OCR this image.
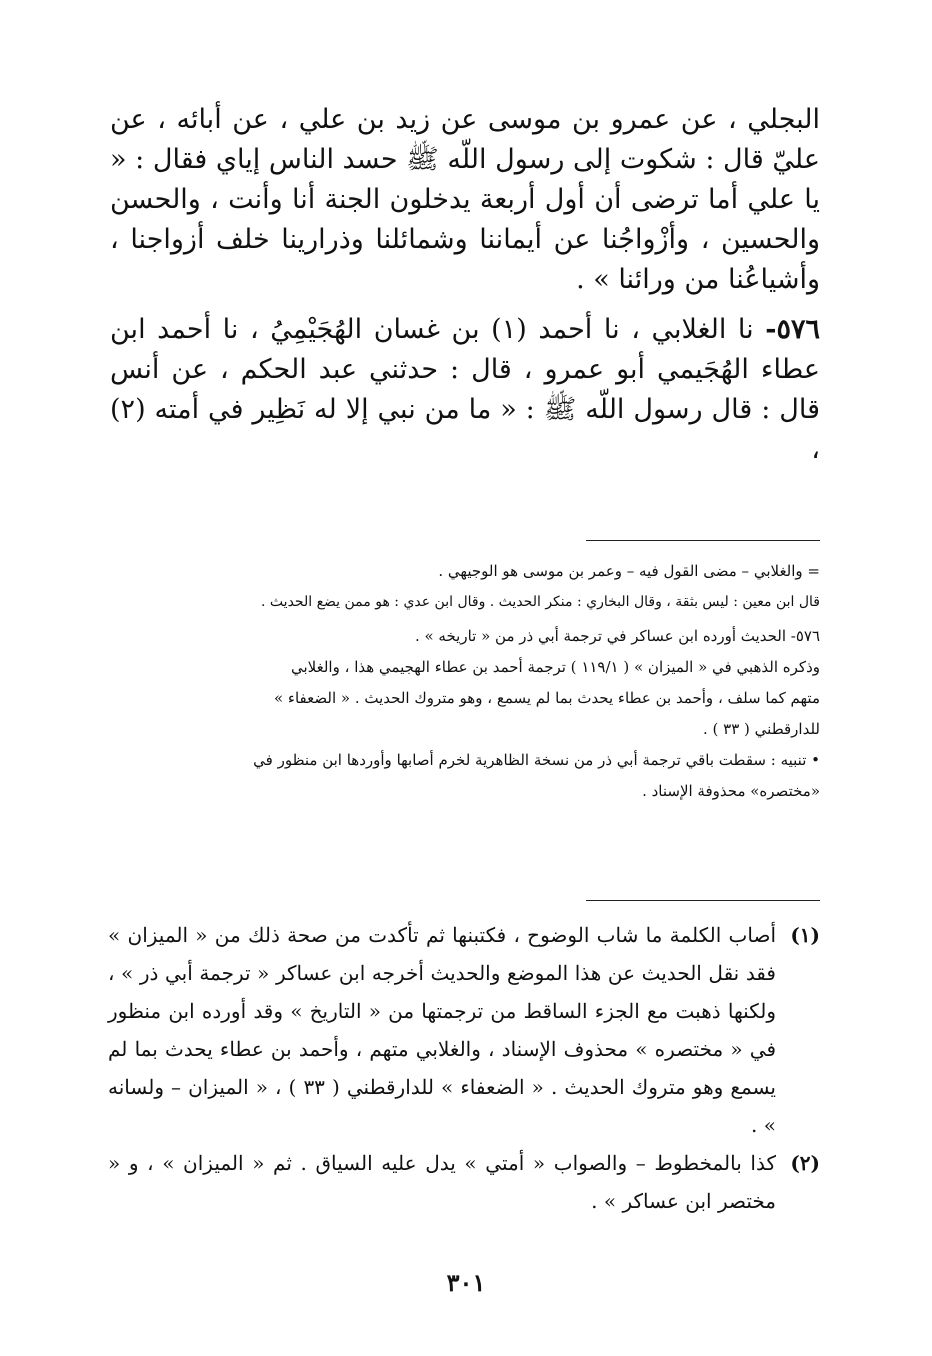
البجلي ، عن عمرو بن موسى عن زيد بن علي ، عن أبائه ، عن عليّ قال : شكوت إلى رسول اللّه ﷺ حسد الناس إياي فقال : « يا علي أما ترضى أن أول أربعة يدخلون الجنة أنا وأنت ، والحسن والحسين ، وأزْواجُنا عن أيماننا وشمائلنا وذرارينا خلف أزواجنا ، وأشياعُنا من ورائنا » .

٥٧٦- نا الغلابي ، نا أحمد (١) بن غسان الهُجَيْمِيُ ، نا أحمد ابن عطاء الهُجَيمي أبو عمرو ، قال : حدثني عبد الحكم ، عن أنس قال : قال رسول اللّه ﷺ : « ما من نبي إلا له نَظِير في أمته (٢) ،

= والغلابي – مضى القول فيه – وعمر بن موسى هو الوجيهي .

قال ابن معين : ليس بثقة ، وقال البخاري : منكر الحديث . وقال ابن عدي : هو ممن يضع الحديث .

٥٧٦- الحديث أورده ابن عساكر في ترجمة أبي ذر من « تاريخه » .

وذكره الذهبي في « الميزان » ( ١١٩/١ ) ترجمة أحمد بن عطاء الهجيمي هذا ، والغلابي

متهم كما سلف ، وأحمد بن عطاء يحدث بما لم يسمع ، وهو متروك الحديث . « الضعفاء »

للدارقطني ( ٣٣ ) .

• تنبيه : سقطت باقي ترجمة أبي ذر من نسخة الظاهرية لخرم أصابها وأوردها ابن منظور في

«مختصره» محذوفة الإسناد .

(١)
أصاب الكلمة ما شاب الوضوح ، فكتبنها ثم تأكدت من صحة ذلك من « الميزان » فقد نقل الحديث عن هذا الموضع والحديث أخرجه ابن عساكر « ترجمة أبي ذر » ، ولكنها ذهبت مع الجزء الساقط من ترجمتها من « التاريخ » وقد أورده ابن منظور في « مختصره » محذوف الإسناد ، والغلابي متهم ، وأحمد بن عطاء يحدث بما لم يسمع وهو متروك الحديث . « الضعفاء » للدارقطني ( ٣٣ ) ، « الميزان – ولسانه » .
(٢)
كذا بالمخطوط – والصواب « أمتي » يدل عليه السياق . ثم « الميزان » ، و « مختصر ابن عساكر » .
٣٠١
